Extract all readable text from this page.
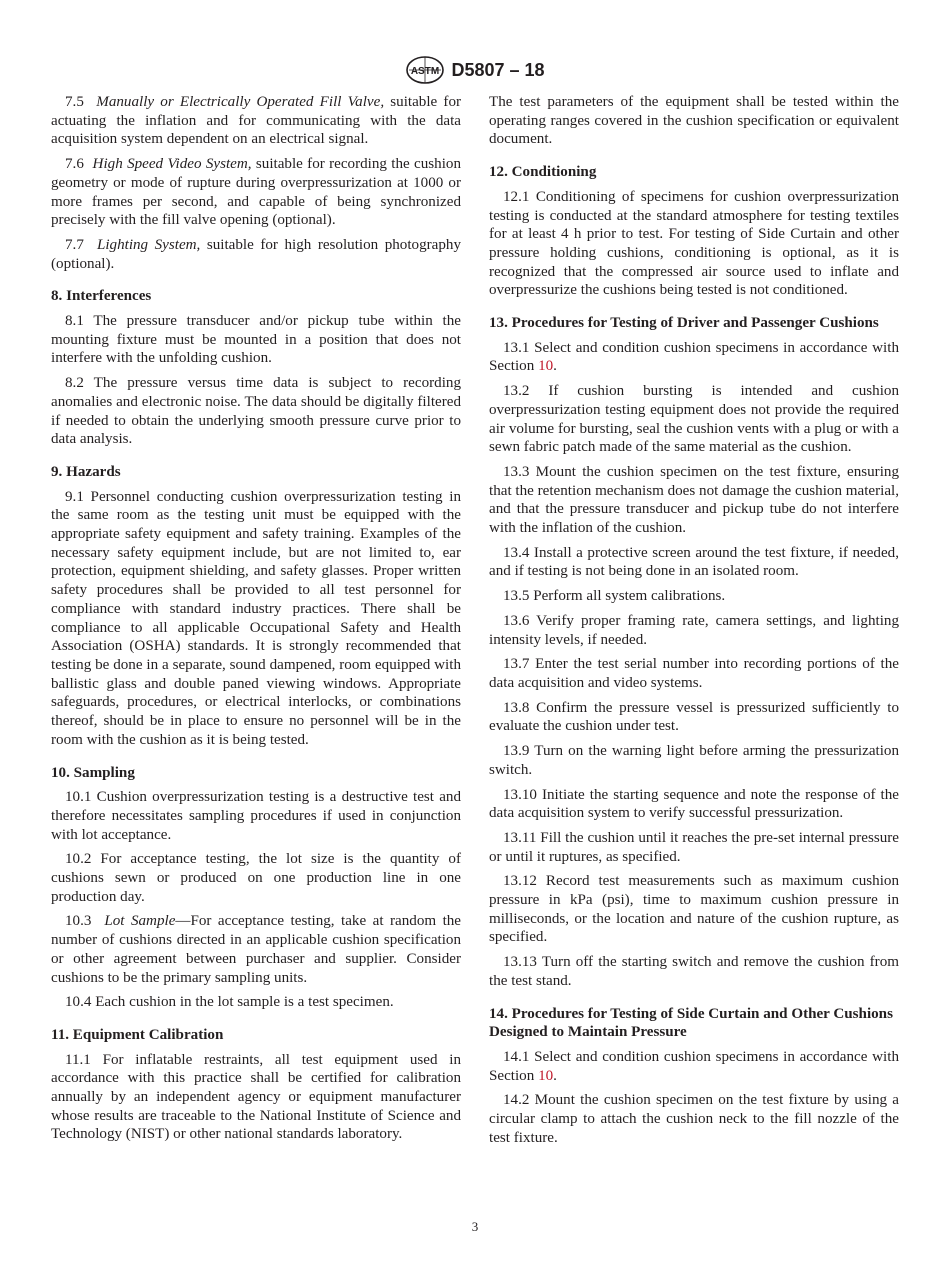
ASTM D5807 – 18

7.5 Manually or Electrically Operated Fill Valve, suitable for actuating the inflation and for communicating with the data acquisition system dependent on an electrical signal.

7.6 High Speed Video System, suitable for recording the cushion geometry or mode of rupture during overpressurization at 1000 or more frames per second, and capable of being synchronized precisely with the fill valve opening (optional).

7.7 Lighting System, suitable for high resolution photography (optional).

8. Interferences

8.1 The pressure transducer and/or pickup tube within the mounting fixture must be mounted in a position that does not interfere with the unfolding cushion.

8.2 The pressure versus time data is subject to recording anomalies and electronic noise. The data should be digitally filtered if needed to obtain the underlying smooth pressure curve prior to data analysis.

9. Hazards

9.1 Personnel conducting cushion overpressurization testing in the same room as the testing unit must be equipped with the appropriate safety equipment and safety training. Examples of the necessary safety equipment include, but are not limited to, ear protection, equipment shielding, and safety glasses. Proper written safety procedures shall be provided to all test personnel for compliance with standard industry practices. There shall be compliance to all applicable Occupational Safety and Health Association (OSHA) standards. It is strongly recommended that testing be done in a separate, sound dampened, room equipped with ballistic glass and double paned viewing windows. Appropriate safeguards, procedures, or electrical interlocks, or combinations thereof, should be in place to ensure no personnel will be in the room with the cushion as it is being tested.

10. Sampling

10.1 Cushion overpressurization testing is a destructive test and therefore necessitates sampling procedures if used in conjunction with lot acceptance.

10.2 For acceptance testing, the lot size is the quantity of cushions sewn or produced on one production line in one production day.

10.3 Lot Sample—For acceptance testing, take at random the number of cushions directed in an applicable cushion specification or other agreement between purchaser and supplier. Consider cushions to be the primary sampling units.

10.4 Each cushion in the lot sample is a test specimen.

11. Equipment Calibration

11.1 For inflatable restraints, all test equipment used in accordance with this practice shall be certified for calibration annually by an independent agency or equipment manufacturer whose results are traceable to the National Institute of Science and Technology (NIST) or other national standards laboratory.

The test parameters of the equipment shall be tested within the operating ranges covered in the cushion specification or equivalent document.

12. Conditioning

12.1 Conditioning of specimens for cushion overpressurization testing is conducted at the standard atmosphere for testing textiles for at least 4 h prior to test. For testing of Side Curtain and other pressure holding cushions, conditioning is optional, as it is recognized that the compressed air source used to inflate and overpressurize the cushions being tested is not conditioned.

13. Procedures for Testing of Driver and Passenger Cushions

13.1 Select and condition cushion specimens in accordance with Section 10.

13.2 If cushion bursting is intended and cushion overpressurization testing equipment does not provide the required air volume for bursting, seal the cushion vents with a plug or with a sewn fabric patch made of the same material as the cushion.

13.3 Mount the cushion specimen on the test fixture, ensuring that the retention mechanism does not damage the cushion material, and that the pressure transducer and pickup tube do not interfere with the inflation of the cushion.

13.4 Install a protective screen around the test fixture, if needed, and if testing is not being done in an isolated room.

13.5 Perform all system calibrations.

13.6 Verify proper framing rate, camera settings, and lighting intensity levels, if needed.

13.7 Enter the test serial number into recording portions of the data acquisition and video systems.

13.8 Confirm the pressure vessel is pressurized sufficiently to evaluate the cushion under test.

13.9 Turn on the warning light before arming the pressurization switch.

13.10 Initiate the starting sequence and note the response of the data acquisition system to verify successful pressurization.

13.11 Fill the cushion until it reaches the pre-set internal pressure or until it ruptures, as specified.

13.12 Record test measurements such as maximum cushion pressure in kPa (psi), time to maximum cushion pressure in milliseconds, or the location and nature of the cushion rupture, as specified.

13.13 Turn off the starting switch and remove the cushion from the test stand.

14. Procedures for Testing of Side Curtain and Other Cushions Designed to Maintain Pressure

14.1 Select and condition cushion specimens in accordance with Section 10.

14.2 Mount the cushion specimen on the test fixture by using a circular clamp to attach the cushion neck to the fill nozzle of the test fixture.

3
